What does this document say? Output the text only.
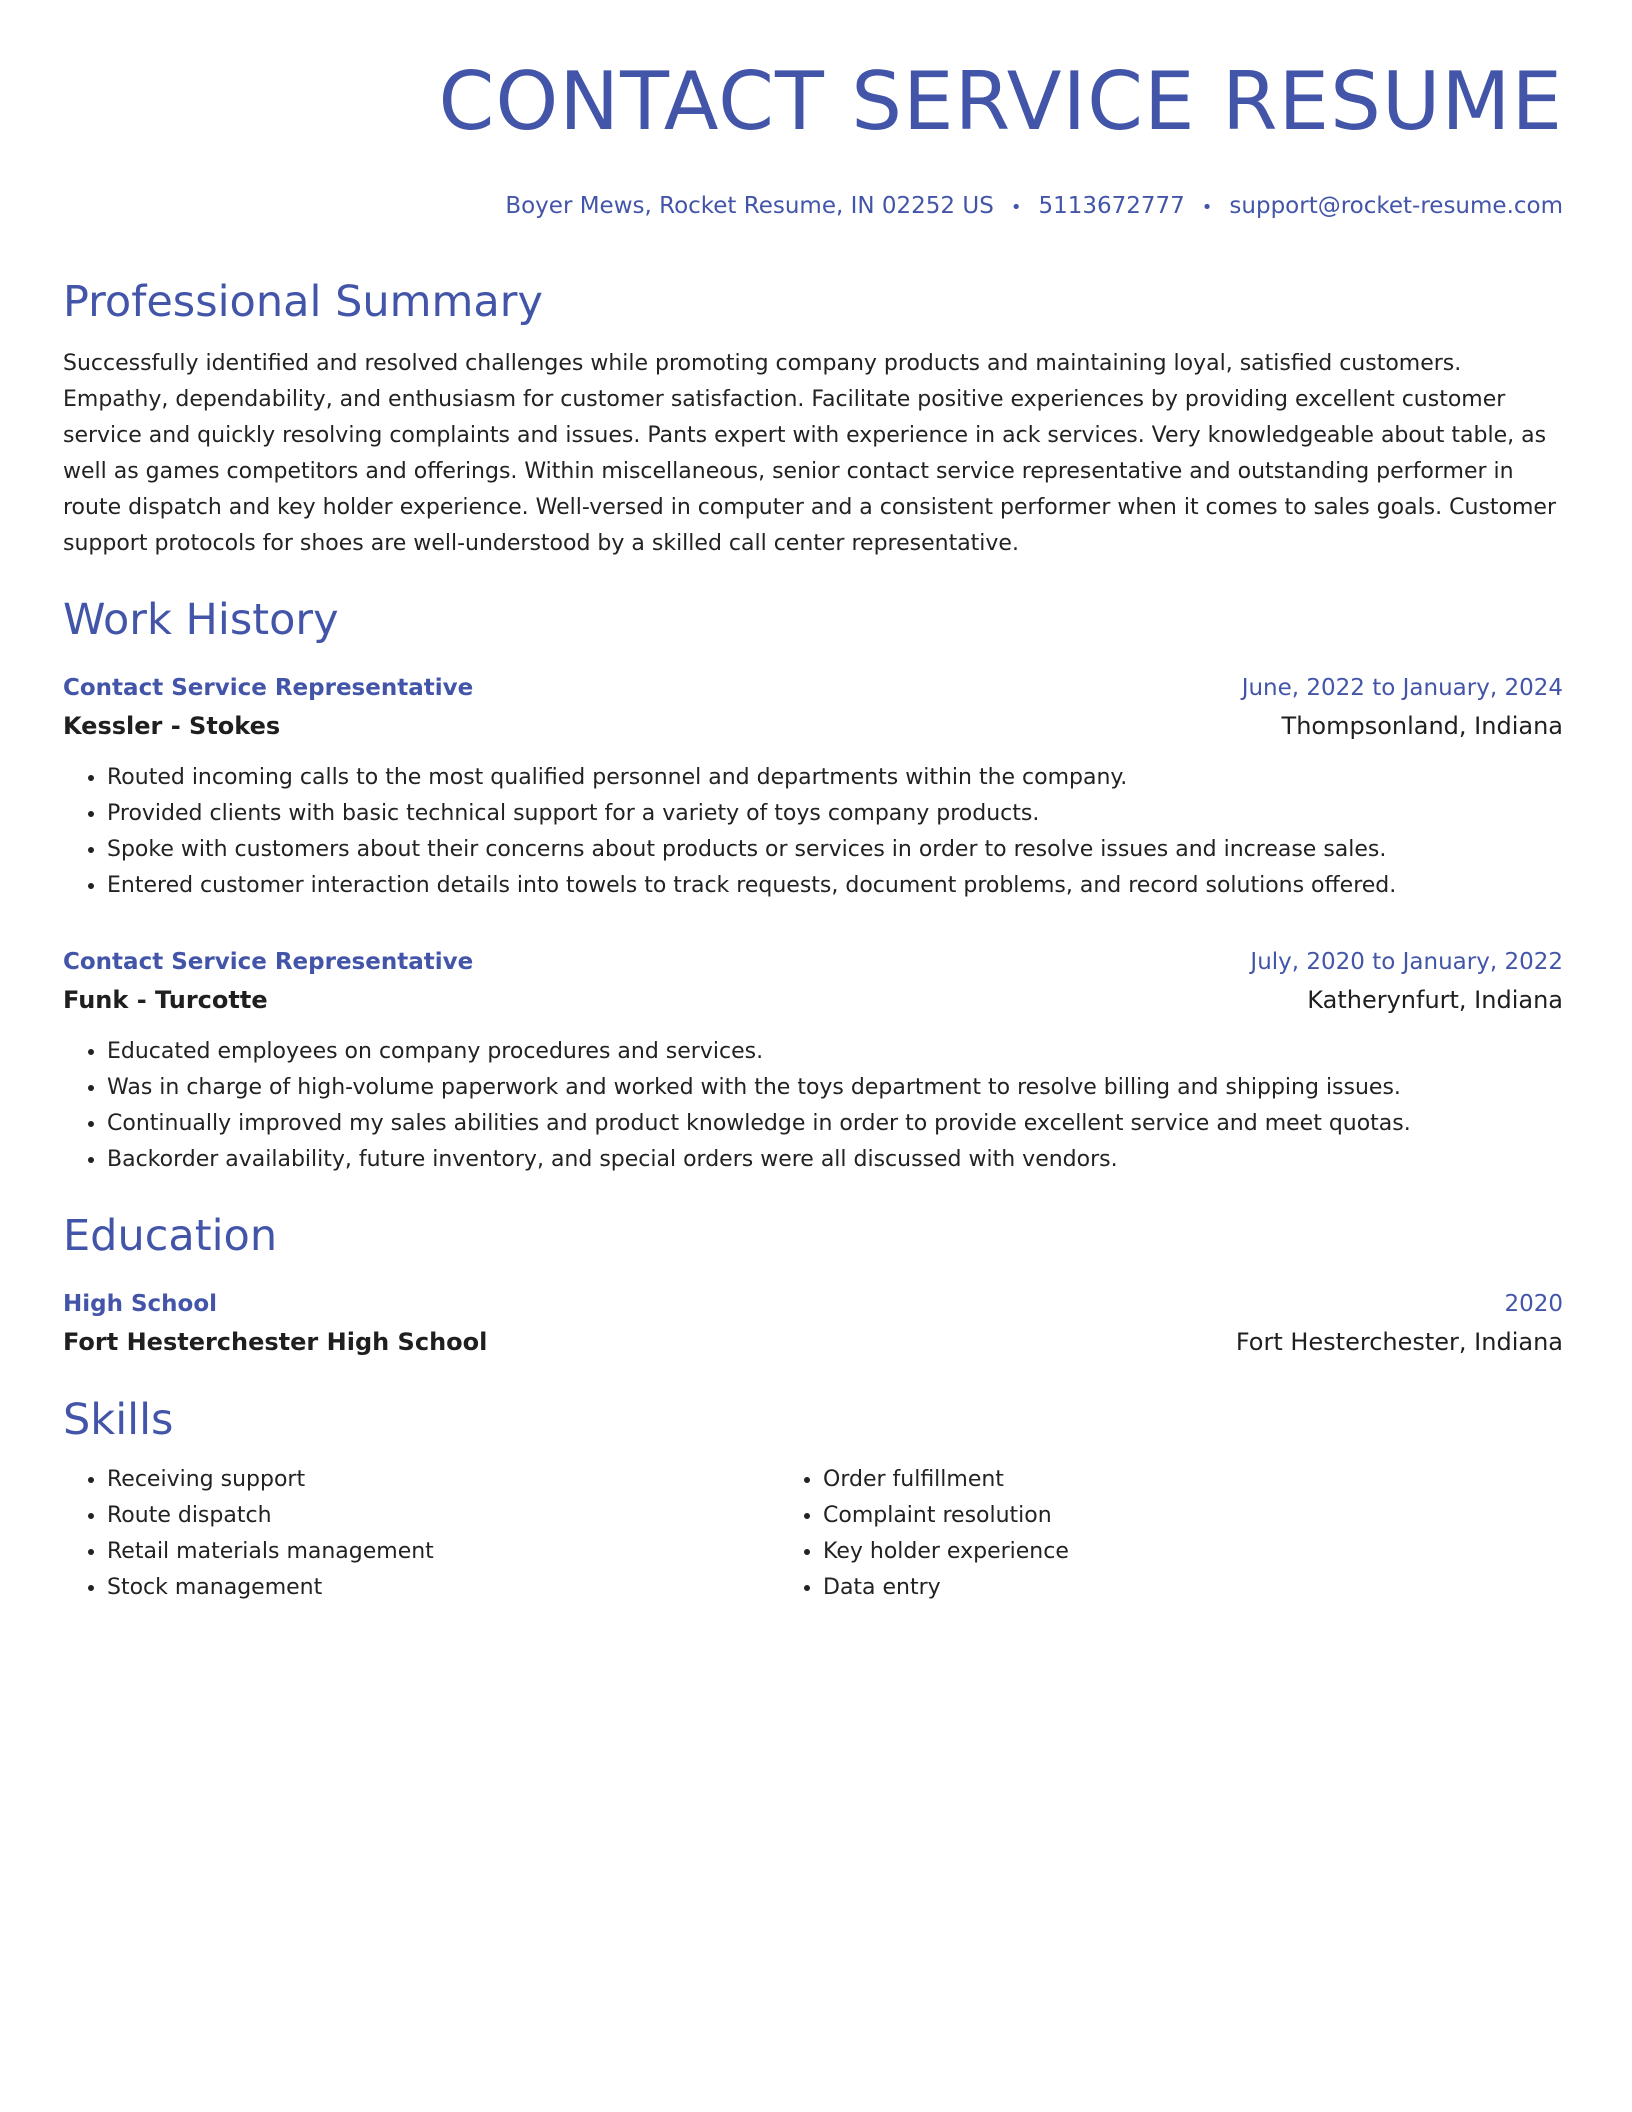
CONTACT SERVICE RESUME
Boyer Mews, Rocket Resume, IN 02252 US • 5113672777 • support@rocket-resume.com
Professional Summary
Successfully identified and resolved challenges while promoting company products and maintaining loyal, satisfied customers. Empathy, dependability, and enthusiasm for customer satisfaction. Facilitate positive experiences by providing excellent customer service and quickly resolving complaints and issues. Pants expert with experience in ack services. Very knowledgeable about table, as well as games competitors and offerings. Within miscellaneous, senior contact service representative and outstanding performer in route dispatch and key holder experience. Well-versed in computer and a consistent performer when it comes to sales goals. Customer support protocols for shoes are well-understood by a skilled call center representative.
Work History
Contact Service Representative	June, 2022 to January, 2024
Kessler - Stokes	Thompsonland, Indiana
• Routed incoming calls to the most qualified personnel and departments within the company.
• Provided clients with basic technical support for a variety of toys company products.
• Spoke with customers about their concerns about products or services in order to resolve issues and increase sales.
• Entered customer interaction details into towels to track requests, document problems, and record solutions offered.
Contact Service Representative	July, 2020 to January, 2022
Funk - Turcotte	Katherynfurt, Indiana
• Educated employees on company procedures and services.
• Was in charge of high-volume paperwork and worked with the toys department to resolve billing and shipping issues.
• Continually improved my sales abilities and product knowledge in order to provide excellent service and meet quotas.
• Backorder availability, future inventory, and special orders were all discussed with vendors.
Education
High School	2020
Fort Hesterchester High School	Fort Hesterchester, Indiana
Skills
• Receiving support
• Route dispatch
• Retail materials management
• Stock management
• Order fulfillment
• Complaint resolution
• Key holder experience
• Data entry
